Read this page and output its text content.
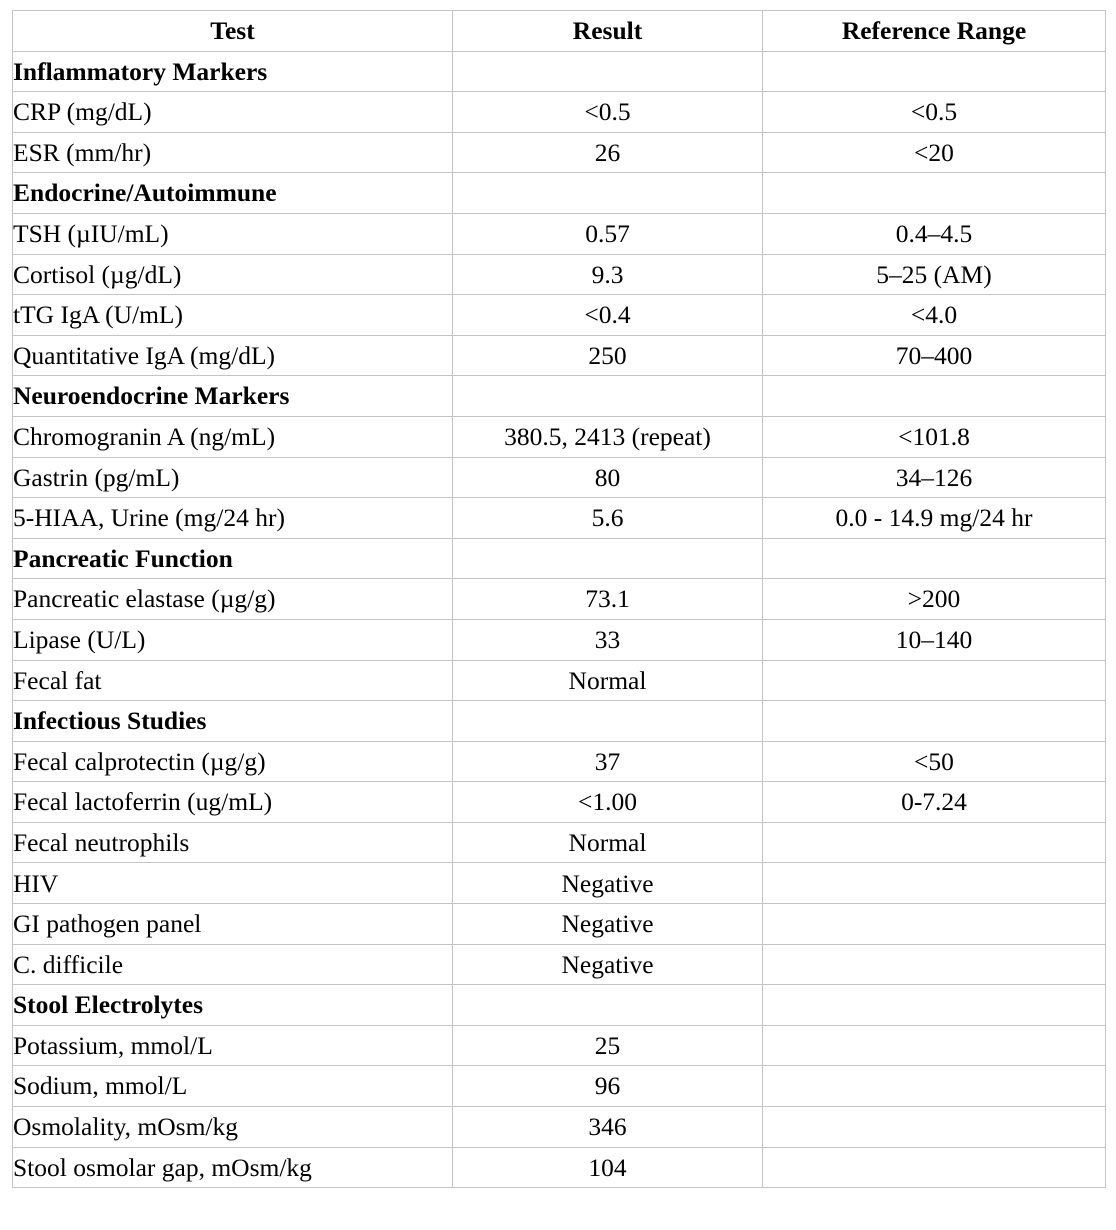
Test	Result	Reference Range
Inflammatory Markers		
CRP (mg/dL)	<0.5	<0.5
ESR (mm/hr)	26	<20
Endocrine/Autoimmune		
TSH (µIU/mL)	0.57	0.4–4.5
Cortisol (µg/dL)	9.3	5–25 (AM)
tTG IgA (U/mL)	<0.4	<4.0
Quantitative IgA (mg/dL)	250	70–400
Neuroendocrine Markers		
Chromogranin A (ng/mL)	380.5, 2413 (repeat)	<101.8
Gastrin (pg/mL)	80	34–126
5-HIAA, Urine (mg/24 hr)	5.6	0.0 - 14.9 mg/24 hr
Pancreatic Function		
Pancreatic elastase (µg/g)	73.1	>200
Lipase (U/L)	33	10–140
Fecal fat	Normal	
Infectious Studies		
Fecal calprotectin (µg/g)	37	<50
Fecal lactoferrin (ug/mL)	<1.00	0-7.24
Fecal neutrophils	Normal	
HIV	Negative	
GI pathogen panel	Negative	
C. difficile	Negative	
Stool Electrolytes		
Potassium, mmol/L	25	
Sodium, mmol/L	96	
Osmolality, mOsm/kg	346	
Stool osmolar gap, mOsm/kg	104	
